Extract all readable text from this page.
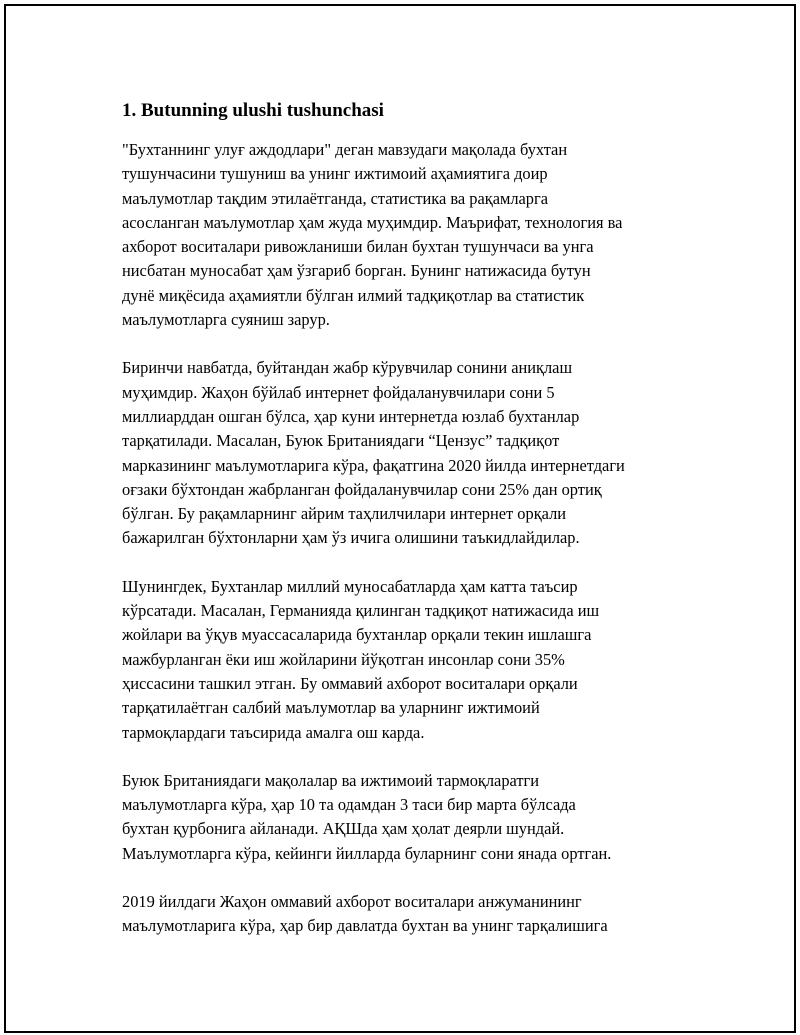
1. Butunning ulushi tushunchasi
"Бухтаннинг улуғ аждодлари" деган мавзудаги мақолада бухтан
тушунчасини тушуниш ва унинг ижтимоий аҳамиятига доир
маълумотлар тақдим этилаётганда, статистика ва рақамларга
асосланган маълумотлар ҳам жуда муҳимдир. Маърифат, технология ва
ахборот воситалари ривожланиши билан бухтан тушунчаси ва унга
нисбатан муносабат ҳам ўзгариб борган. Бунинг натижасида бутун
дунё миқёсида аҳамиятли бўлган илмий тадқиқотлар ва статистик
маълумотларга суяниш зарур.
Биринчи навбатда, буйтандан жабр кўрувчилар сонини аниқлаш
муҳимдир. Жаҳон бўйлаб интернет фойдаланувчилари сони 5
миллиарддан ошган бўлса, ҳар куни интернетда юзлаб бухтанлар
тарқатилади. Масалан, Буюк Британиядаги “Цензус” тадқиқот
марказининг маълумотларига кўра, фақатгина 2020 йилда интернетдаги
оғзаки бўхтондан жабрланган фойдаланувчилар сони 25% дан ортиқ
бўлган. Бу рақамларнинг айрим таҳлилчилари интернет орқали
бажарилган бўхтонларни ҳам ўз ичига олишини таъкидлайдилар.
Шунингдек, Бухтанлар миллий муносабатларда ҳам катта таъсир
кўрсатади. Масалан, Германияда қилинган тадқиқот натижасида иш
жойлари ва ўқув муассасаларида бухтанлар орқали текин ишлашга
мажбурланган ёки иш жойларини йўқотган инсонлар сони 35%
ҳиссасини ташкил этган. Бу оммавий ахборот воситалари орқали
тарқатилаётган салбий маълумотлар ва уларнинг ижтимоий
тармоқлардаги таъсирида амалга ош карда.
Буюк Британиядаги мақолалар ва ижтимоий тармоқларатги
маълумотларга кўра, ҳар 10 та одамдан 3 таси бир марта бўлсада
бухтан қурбонига айланади. АҚШда ҳам ҳолат деярли шундай.
Маълумотларга кўра, кейинги йилларда буларнинг сони янада ортган.
2019 йилдаги Жаҳон оммавий ахборот воситалари анжуманининг
маълумотларига кўра, ҳар бир давлатда бухтан ва унинг тарқалишига
